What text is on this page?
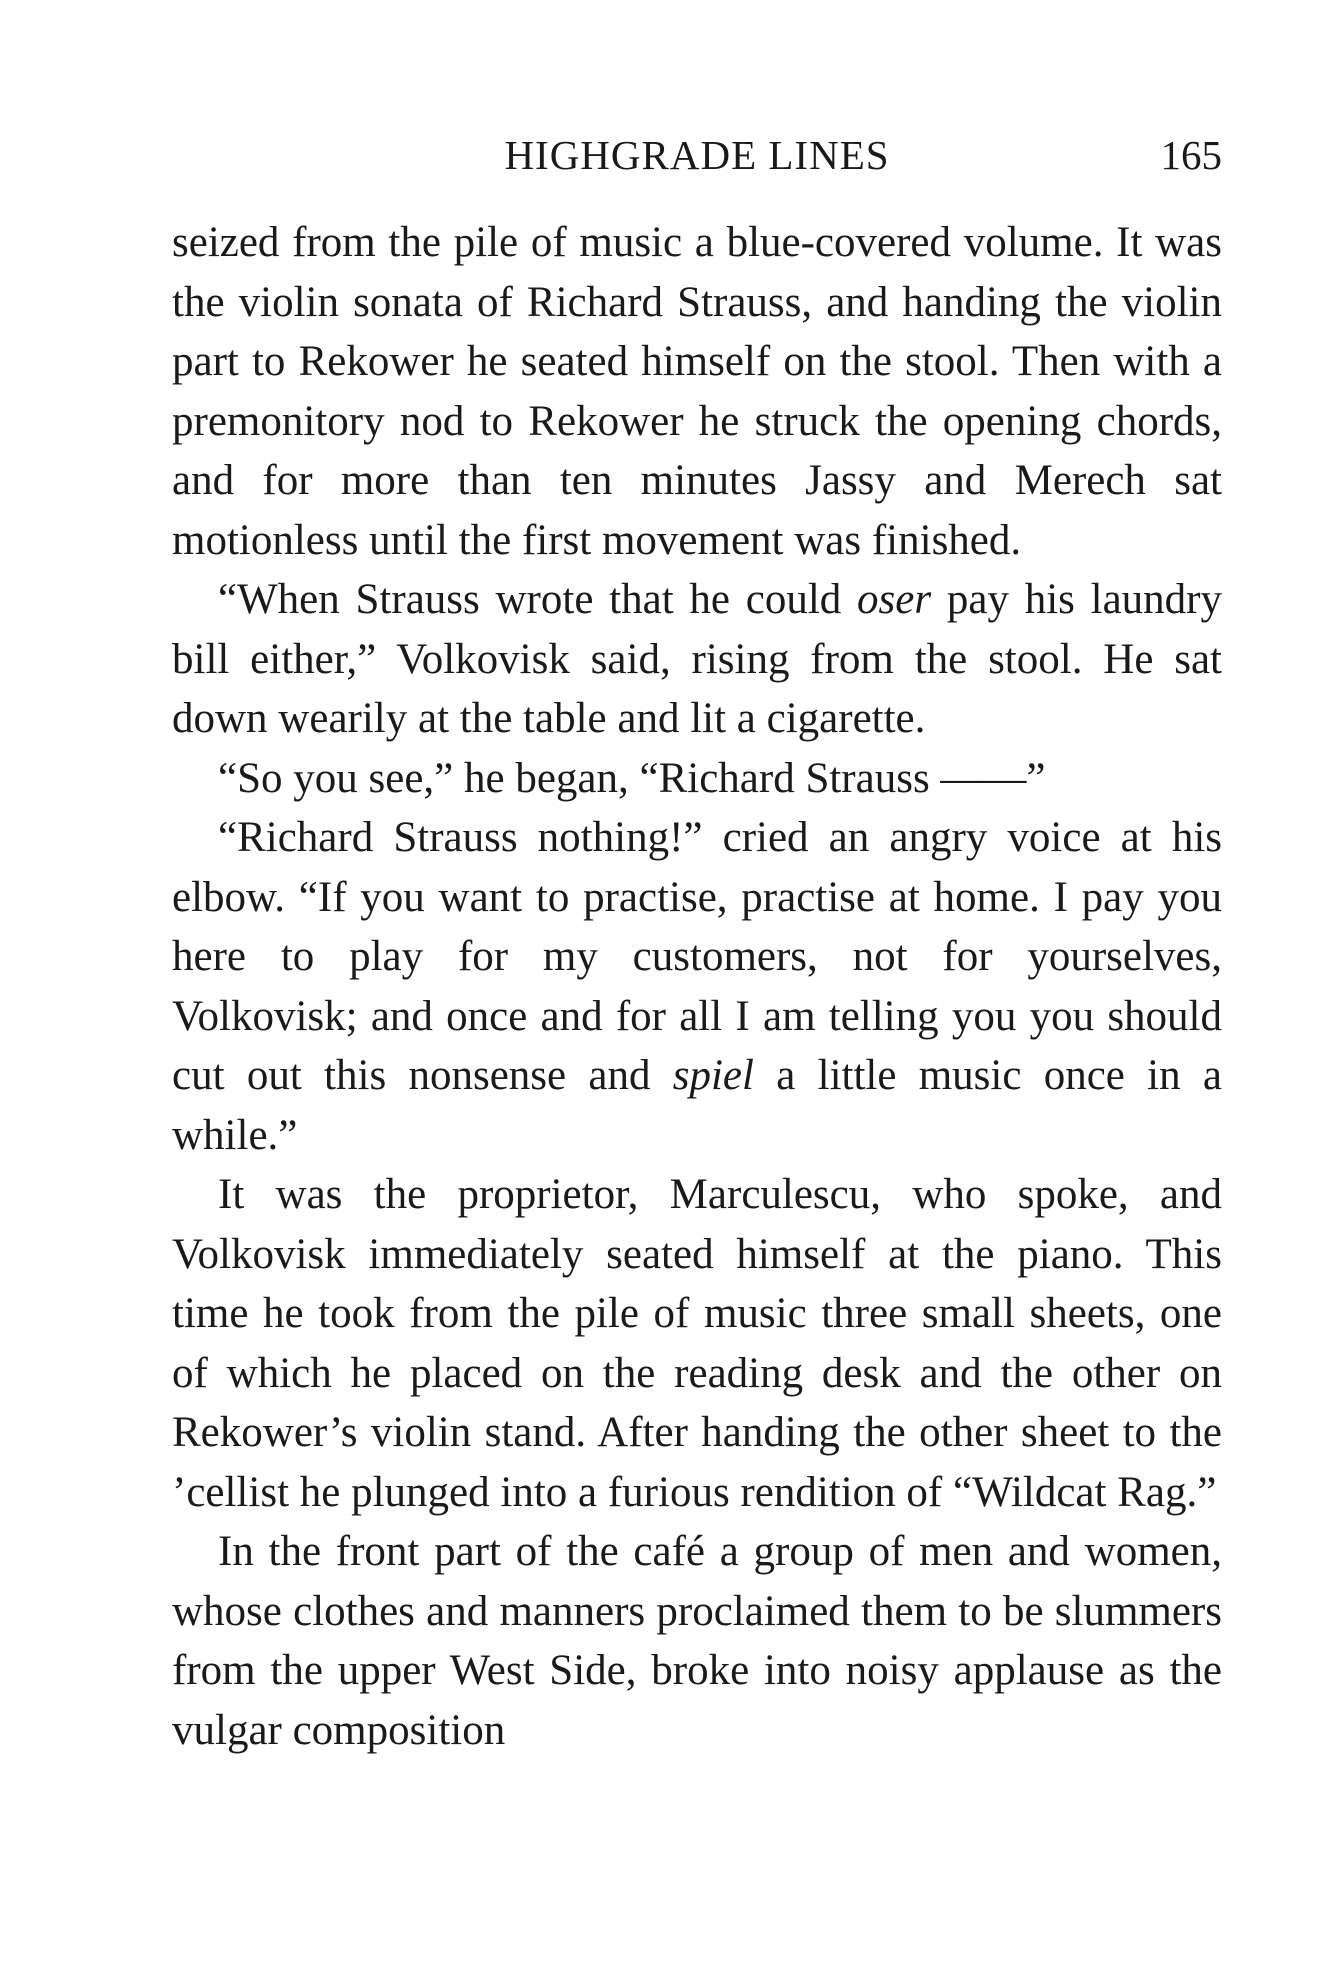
HIGHGRADE LINES	165

seized from the pile of music a blue-covered volume. It was the violin sonata of Richard Strauss, and handing the violin part to Rekower he seated himself on the stool. Then with a premonitory nod to Rekower he struck the opening chords, and for more than ten minutes Jassy and Merech sat motionless until the first movement was finished.

“When Strauss wrote that he could oser pay his laundry bill either,” Volkovisk said, rising from the stool. He sat down wearily at the table and lit a cigarette.

“So you see,” he began, “Richard Strauss ——”

“Richard Strauss nothing!” cried an angry voice at his elbow. “If you want to practise, practise at home. I pay you here to play for my customers, not for yourselves, Volkovisk; and once and for all I am telling you you should cut out this nonsense and spiel a little music once in a while.”

It was the proprietor, Marculescu, who spoke, and Volkovisk immediately seated himself at the piano. This time he took from the pile of music three small sheets, one of which he placed on the reading desk and the other on Rekower’s violin stand. After handing the other sheet to the ’cellist he plunged into a furious rendition of “Wildcat Rag.”

In the front part of the café a group of men and women, whose clothes and manners proclaimed them to be slummers from the upper West Side, broke into noisy applause as the vulgar composition
